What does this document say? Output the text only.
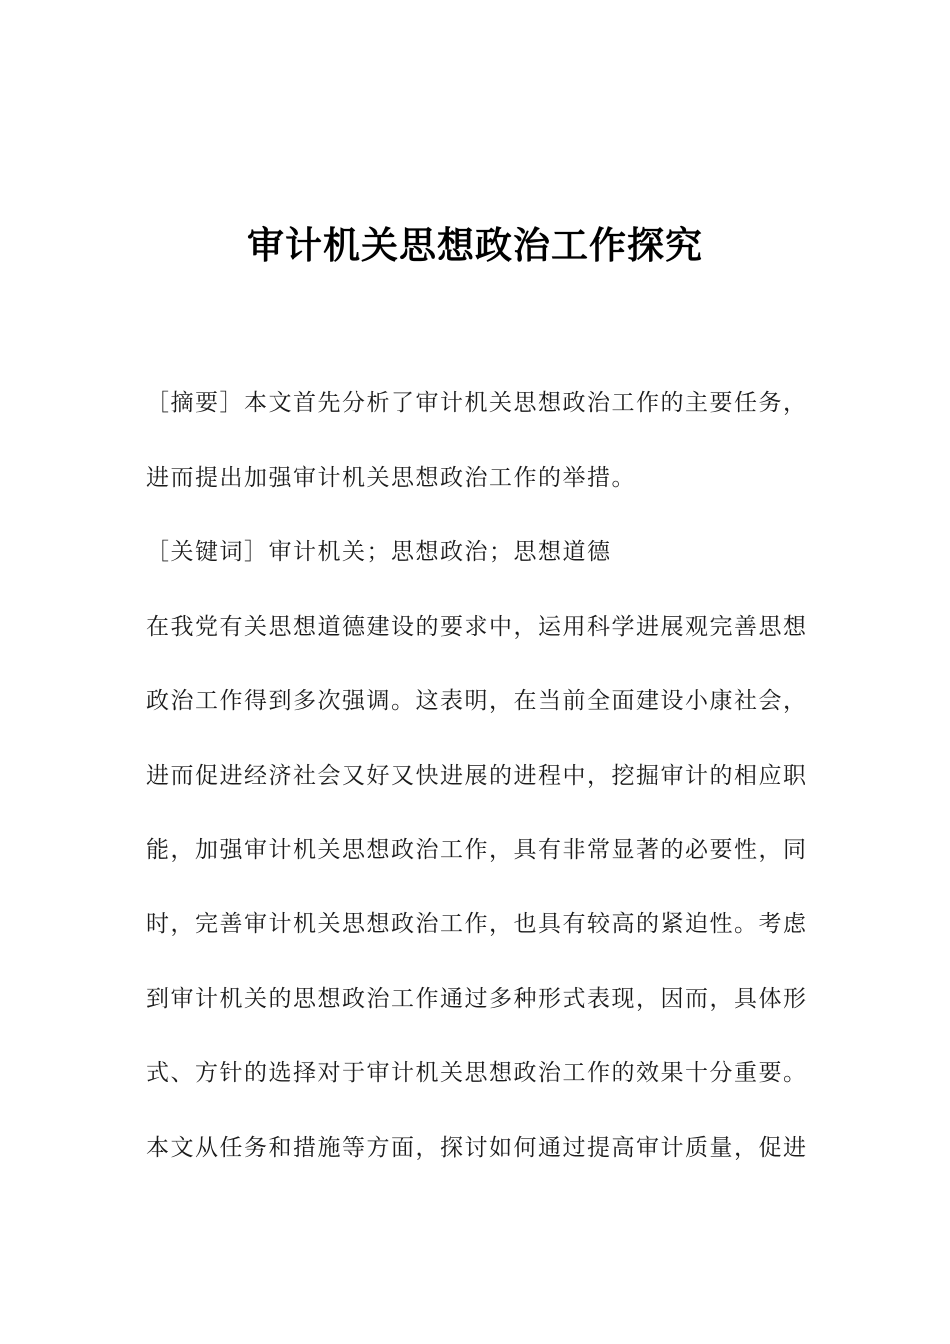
审计机关思想政治工作探究
［摘要］本文首先分析了审计机关思想政治工作的主要任务，
进而提出加强审计机关思想政治工作的举措。
［关键词］审计机关；思想政治；思想道德
在我党有关思想道德建设的要求中，运用科学进展观完善思想
政治工作得到多次强调。这表明，在当前全面建设小康社会，
进而促进经济社会又好又快进展的进程中，挖掘审计的相应职
能，加强审计机关思想政治工作，具有非常显著的必要性，同
时，完善审计机关思想政治工作，也具有较高的紧迫性。考虑
到审计机关的思想政治工作通过多种形式表现，因而，具体形
式、方针的选择对于审计机关思想政治工作的效果十分重要。
本文从任务和措施等方面，探讨如何通过提高审计质量，促进
